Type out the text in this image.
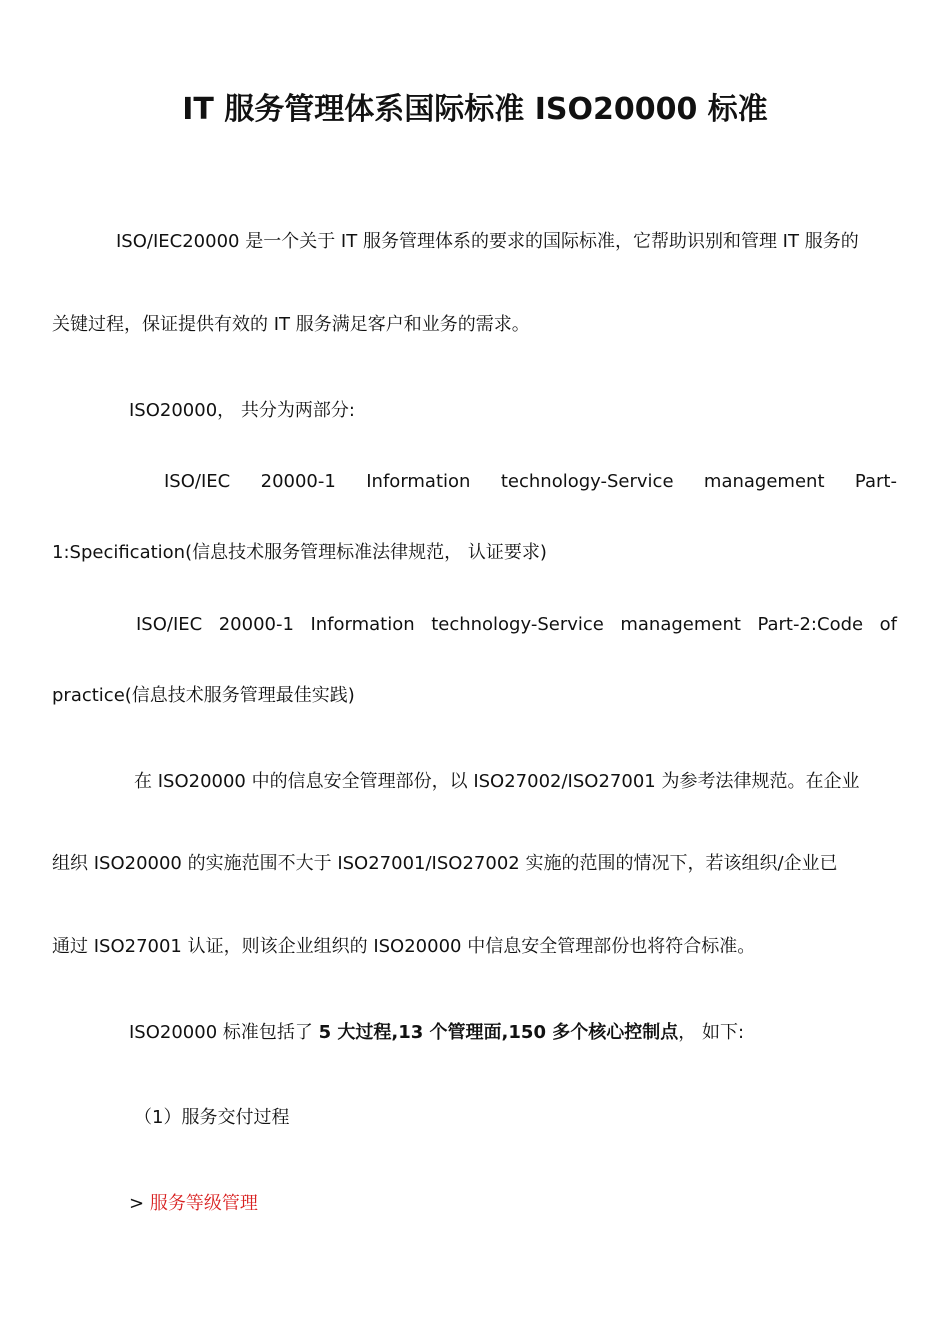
IT 服务管理体系国际标准 ISO20000 标准
ISO/IEC20000 是一个关于 IT 服务管理体系的要求的国际标准，它帮助识别和管理 IT 服务的
关键过程，保证提供有效的 IT 服务满足客户和业务的需求。
ISO20000， 共分为两部分:
ISO/IEC 20000-1 Information technology-Service management Part-
1:Specification(信息技术服务管理标准法律规范， 认证要求)
ISO/IEC 20000-1 Information technology-Service management Part-2:Code of
practice(信息技术服务管理最佳实践)
在 ISO20000 中的信息安全管理部份，以 ISO27002/ISO27001 为参考法律规范。在企业
组织 ISO20000 的实施范围不大于 ISO27001/ISO27002 实施的范围的情况下，若该组织/企业已
通过 ISO27001 认证，则该企业组织的 ISO20000 中信息安全管理部份也将符合标准。
ISO20000 标准包括了 5 大过程,13 个管理面,150 多个核心控制点， 如下:
（1）服务交付过程
> 服务等级管理
